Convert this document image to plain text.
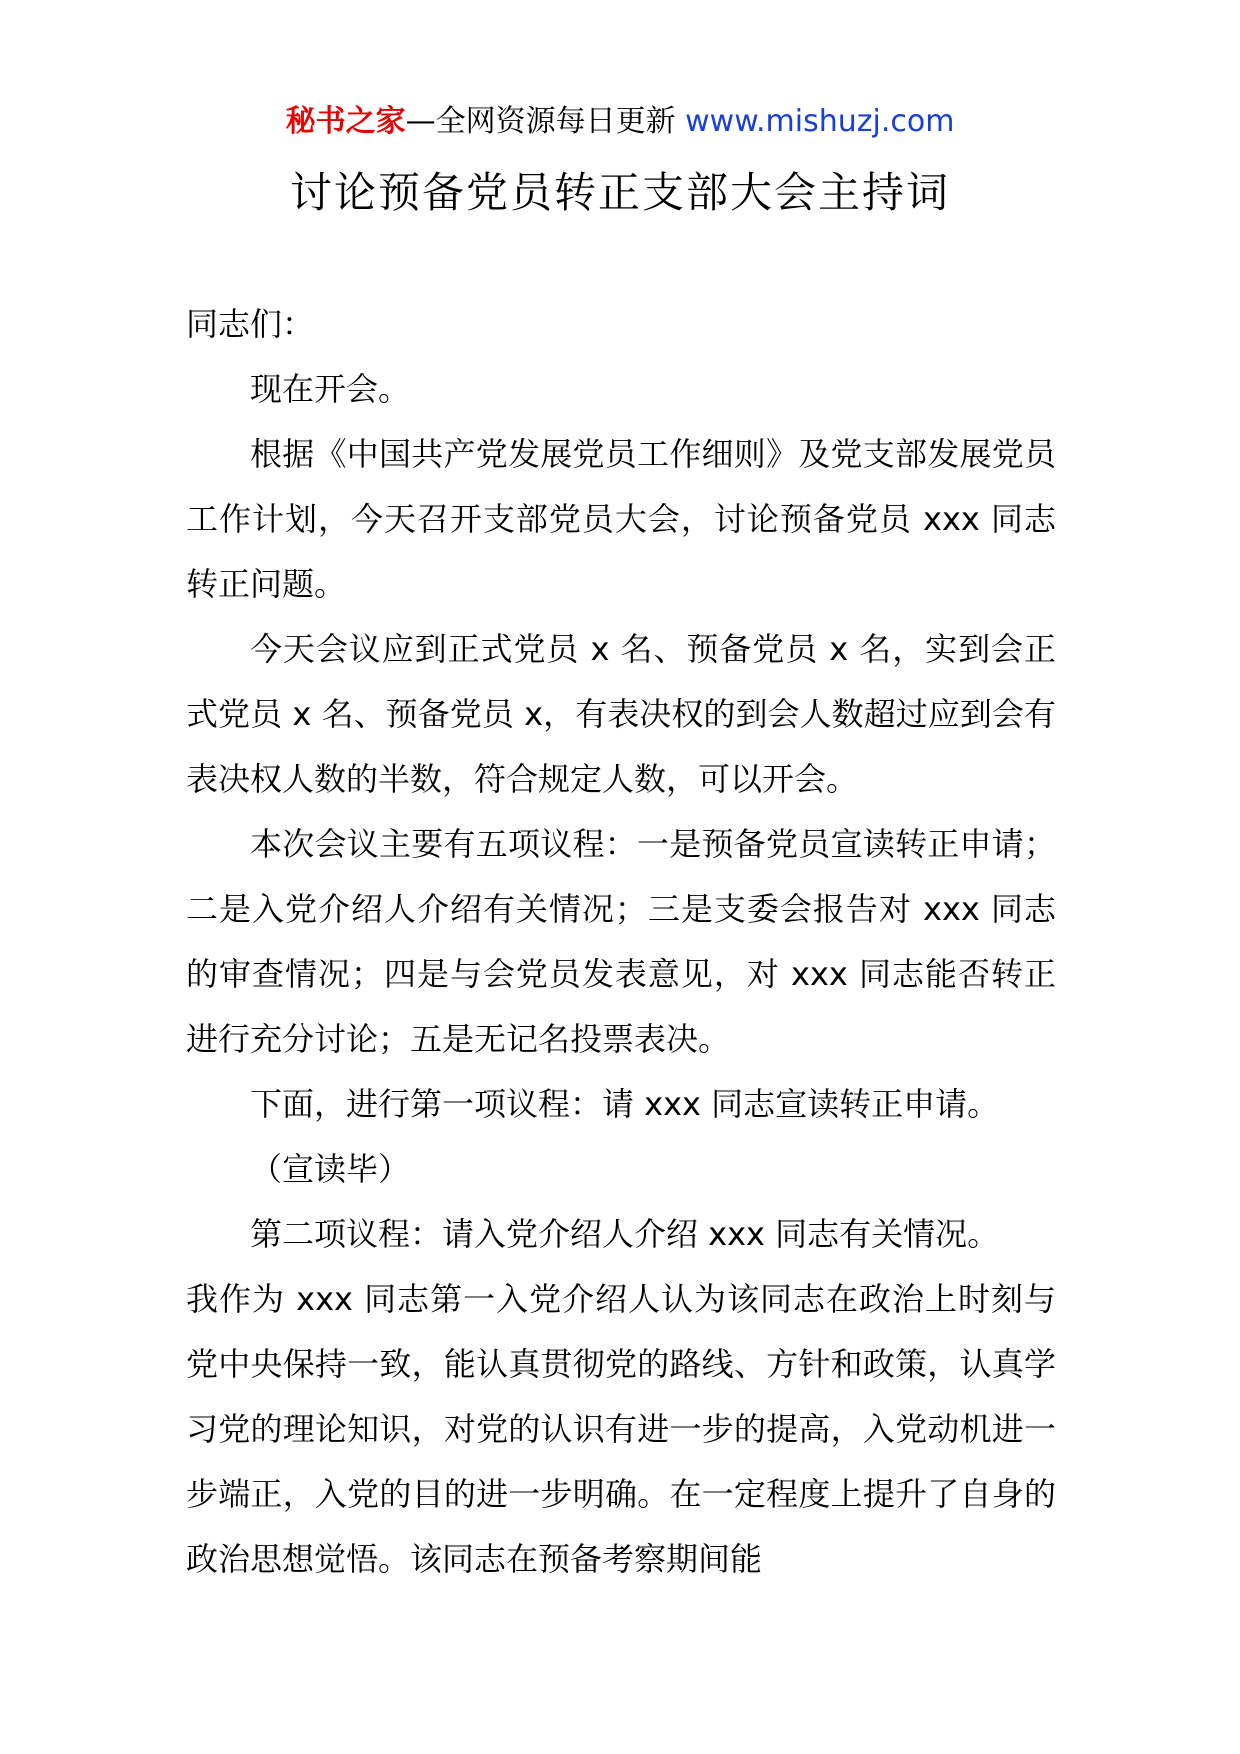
秘书之家—全网资源每日更新 www.mishuzj.com
讨论预备党员转正支部大会主持词

同志们：

现在开会。

根据《中国共产党发展党员工作细则》及党支部发展党员工作计划，今天召开支部党员大会，讨论预备党员 xxx 同志转正问题。

今天会议应到正式党员 x 名、预备党员 x 名，实到会正式党员 x 名、预备党员 x，有表决权的到会人数超过应到会有表决权人数的半数，符合规定人数，可以开会。

本次会议主要有五项议程：一是预备党员宣读转正申请；二是入党介绍人介绍有关情况；三是支委会报告对 xxx 同志的审查情况；四是与会党员发表意见，对 xxx 同志能否转正进行充分讨论；五是无记名投票表决。

下面，进行第一项议程：请 xxx 同志宣读转正申请。

（宣读毕）

第二项议程：请入党介绍人介绍 xxx 同志有关情况。

我作为 xxx 同志第一入党介绍人认为该同志在政治上时刻与党中央保持一致，能认真贯彻党的路线、方针和政策，认真学习党的理论知识，对党的认识有进一步的提高，入党动机进一步端正，入党的目的进一步明确。在一定程度上提升了自身的政治思想觉悟。该同志在预备考察期间能
